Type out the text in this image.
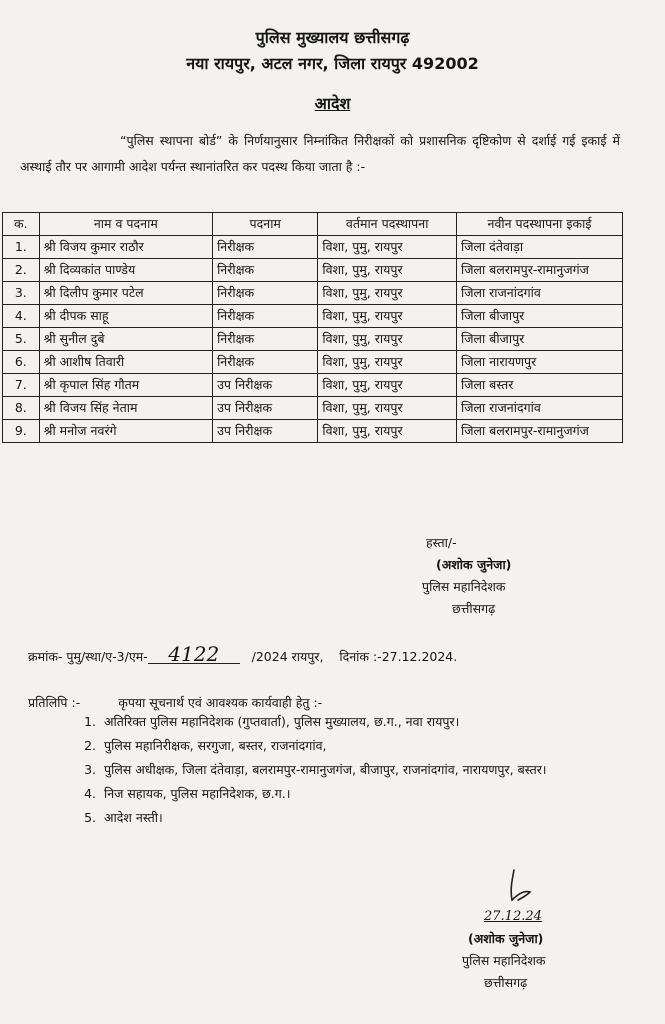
पुलिस मुख्यालय छत्तीसगढ़
नया रायपुर, अटल नगर, जिला रायपुर 492002
आदेश
“पुलिस स्थापना बोर्ड” के निर्णयानुसार निम्नांकित निरीक्षकों को प्रशासनिक दृष्टिकोण से दर्शाई गई इकाई में अस्थाई तौर पर आगामी आदेश पर्यन्त स्थानांतरित कर पदस्थ किया जाता है :-
क.	नाम व पदनाम	पदनाम	वर्तमान पदस्थापना	नवीन पदस्थापना इकाई
1.	श्री विजय कुमार राठौर	निरीक्षक	विशा, पुमु, रायपुर	जिला दंतेवाड़ा
2.	श्री दिव्यकांत पाण्डेय	निरीक्षक	विशा, पुमु, रायपुर	जिला बलरामपुर-रामानुजगंज
3.	श्री दिलीप कुमार पटेल	निरीक्षक	विशा, पुमु, रायपुर	जिला राजनांदगांव
4.	श्री दीपक साहू	निरीक्षक	विशा, पुमु, रायपुर	जिला बीजापुर
5.	श्री सुनील दुबे	निरीक्षक	विशा, पुमु, रायपुर	जिला बीजापुर
6.	श्री आशीष तिवारी	निरीक्षक	विशा, पुमु, रायपुर	जिला नारायणपुर
7.	श्री कृपाल सिंह गौतम	उप निरीक्षक	विशा, पुमु, रायपुर	जिला बस्तर
8.	श्री विजय सिंह नेताम	उप निरीक्षक	विशा, पुमु, रायपुर	जिला राजनांदगांव
9.	श्री मनोज नवरंगे	उप निरीक्षक	विशा, पुमु, रायपुर	जिला बलरामपुर-रामानुजगंज
हस्ता/-
(अशोक जुनेजा)
पुलिस महानिदेशक
छत्तीसगढ़
क्रमांक- पुमु/स्था/ए-3/एम- 4122	/2024 रायपुर, दिनांक :-27.12.2024.
प्रतिलिपि :-	कृपया सूचनार्थ एवं आवश्यक कार्यवाही हेतु :-
1. अतिरिक्त पुलिस महानिदेशक (गुप्तवार्ता), पुलिस मुख्यालय, छ.ग., नवा रायपुर।
2. पुलिस महानिरीक्षक, सरगुजा, बस्तर, राजनांदगांव,
3. पुलिस अधीक्षक, जिला दंतेवाड़ा, बलरामपुर-रामानुजगंज, बीजापुर, राजनांदगांव, नारायणपुर, बस्तर।
4. निज सहायक, पुलिस महानिदेशक, छ.ग.।
5. आदेश नस्ती।
27.12.24
(अशोक जुनेजा)
पुलिस महानिदेशक
छत्तीसगढ़
